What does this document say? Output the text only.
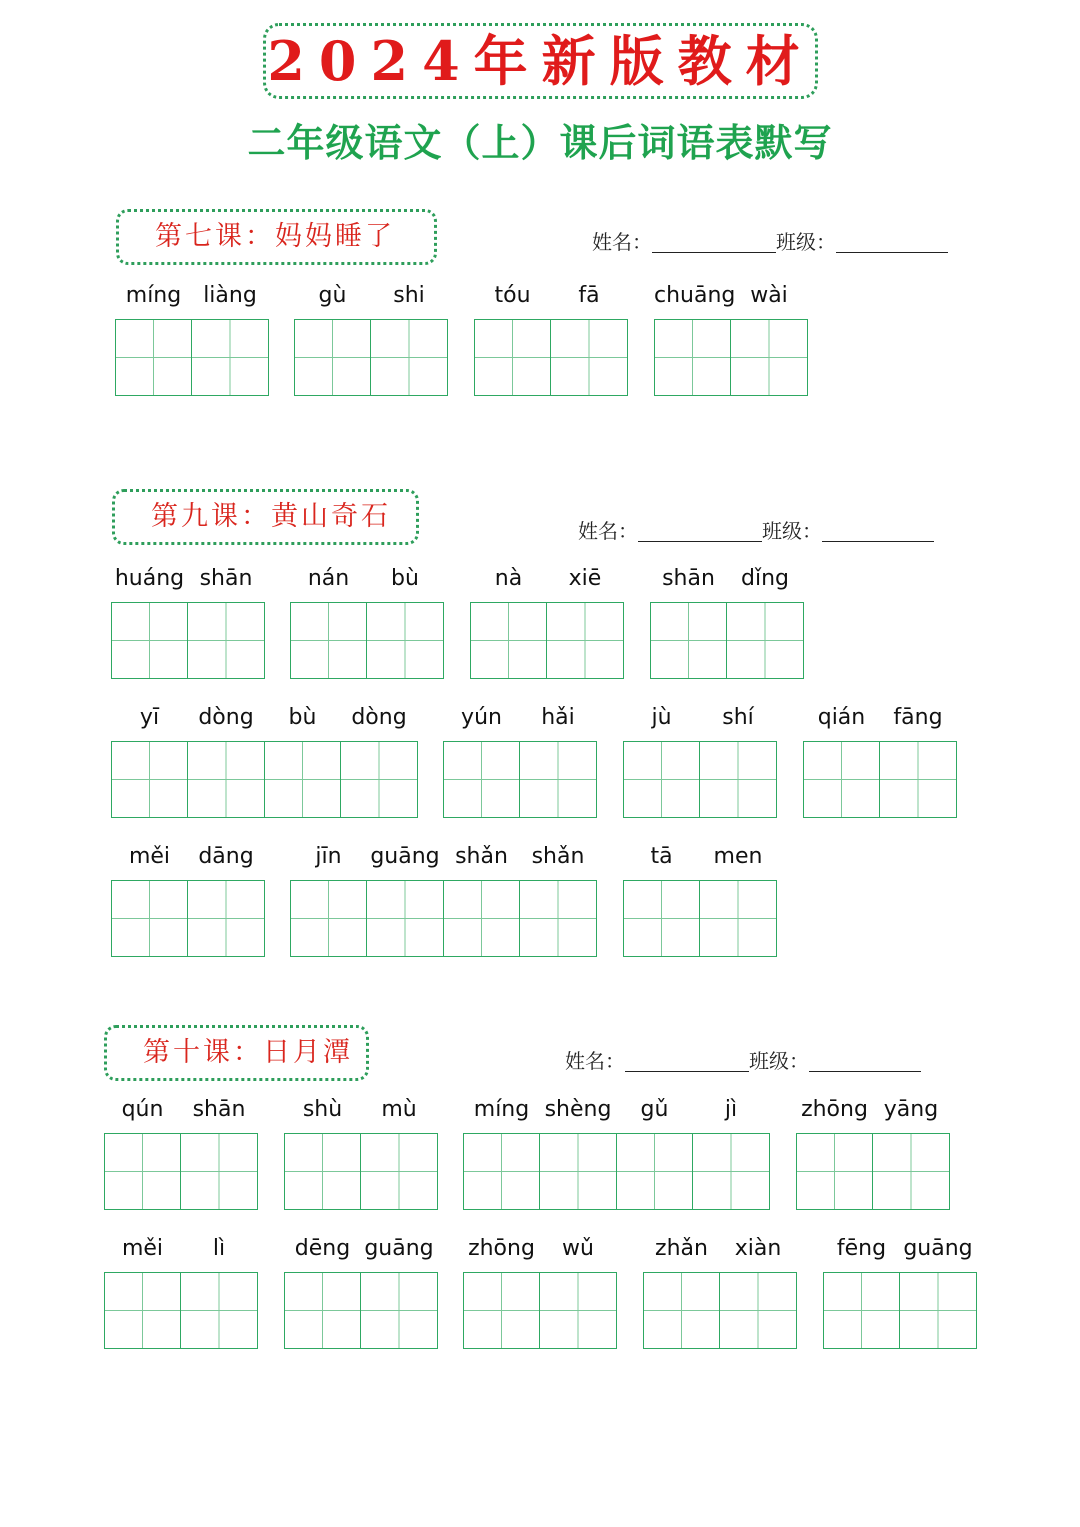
2024年新版教材
二年级语文（上）课后词语表默写
第七课：妈妈睡了	姓名：	班级：
第九课：黄山奇石	姓名：	班级：
第十课：日月潭	姓名：	班级：
míng liàng	gù	shi	tóu	fā	chuāng wài
huáng shān	nán	bù	nà	xiē	shān	dǐng
yī	dòng	bù	dòng	yún	hǎi	jù	shí	qián	fāng
měi	dāng	jīn	guāng shǎn	shǎn	tā	men
qún	shān	shù	mù	míng shèng	gǔ	jì	zhōng yāng
měi	lì	dēng guāng zhōng	wǔ	zhǎn	xiàn	fēng guāng
